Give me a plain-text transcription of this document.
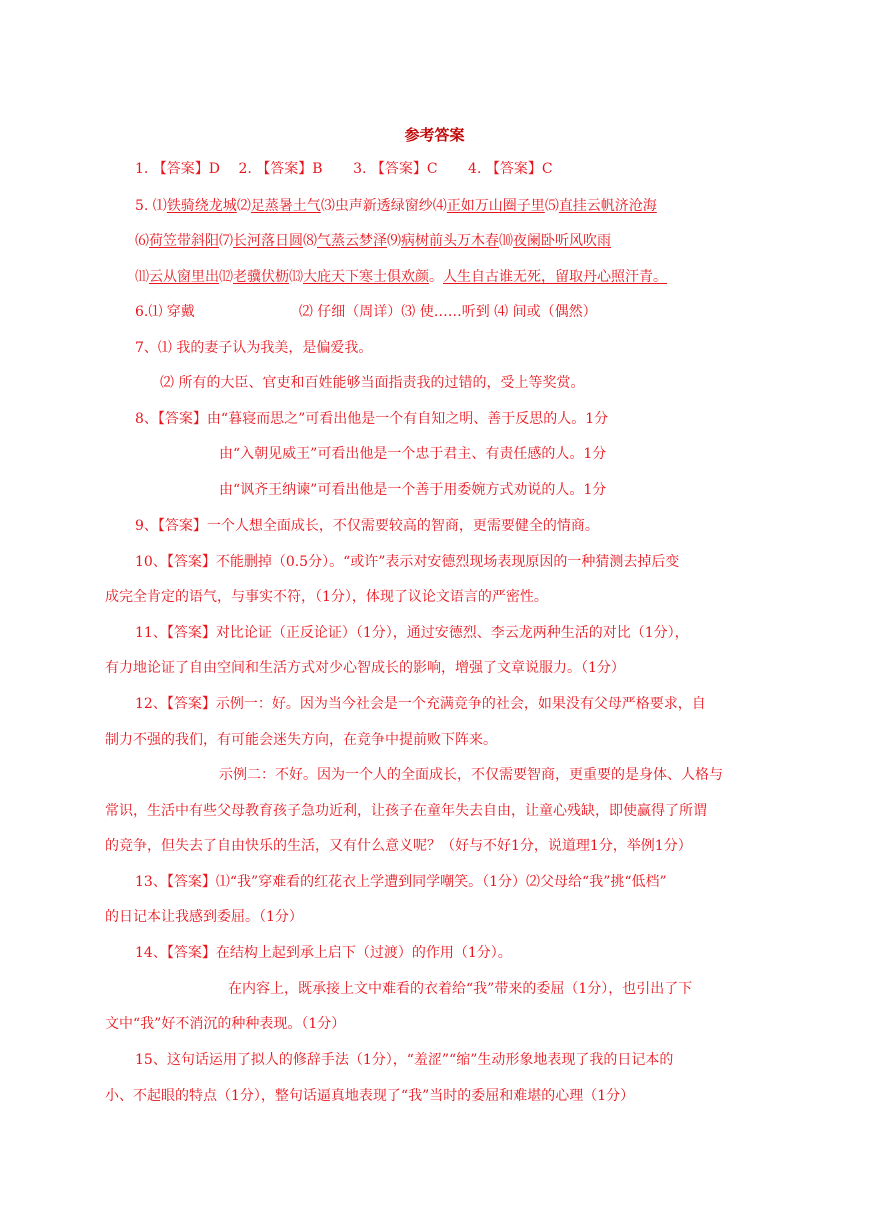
参考答案
1. 【答案】D 2. 【答案】B 3. 【答案】C 4. 【答案】C
5. ⑴铁骑绕龙城⑵足蒸暑土气⑶虫声新透绿窗纱⑷正如万山圈子里⑸直挂云帆济沧海
⑹荷笠带斜阳⑺长河落日圆⑻气蒸云梦泽⑼病树前头万木春⑽夜阑卧听风吹雨
⑾云从窗里出⑿老骥伏枥⒀大庇天下寒士俱欢颜。人生自古谁无死，留取丹心照汗青。
6.⑴ 穿戴	⑵ 仔细（周详）⑶ 使……听到 ⑷ 间或（偶然）
7、⑴ 我的妻子认为我美，是偏爱我。
⑵ 所有的大臣、官吏和百姓能够当面指责我的过错的，受上等奖赏。
8、【答案】由“暮寝而思之”可看出他是一个有自知之明、善于反思的人。1分
由“入朝见威王”可看出他是一个忠于君主、有责任感的人。1分
由“讽齐王纳谏”可看出他是一个善于用委婉方式劝说的人。1分
9、【答案】一个人想全面成长，不仅需要较高的智商，更需要健全的情商。
10、【答案】不能删掉（0.5分）。“或许”表示对安德烈现场表现原因的一种猜测去掉后变
成完全肯定的语气，与事实不符，（1分），体现了议论文语言的严密性。
11、【答案】对比论证（正反论证）（1分），通过安德烈、李云龙两种生活的对比（1分），
有力地论证了自由空间和生活方式对少心智成长的影响，增强了文章说服力。（1分）
12、【答案】示例一：好。因为当今社会是一个充满竞争的社会，如果没有父母严格要求，自
制力不强的我们，有可能会迷失方向，在竞争中提前败下阵来。
示例二：不好。因为一个人的全面成长，不仅需要智商，更重要的是身体、人格与
常识，生活中有些父母教育孩子急功近利，让孩子在童年失去自由，让童心残缺，即使赢得了所谓
的竞争，但失去了自由快乐的生活，又有什么意义呢？（好与不好1分，说道理1分，举例1分）
13、【答案】⑴“我”穿难看的红花衣上学遭到同学嘲笑。（1分）⑵父母给“我”挑“低档”
的日记本让我感到委屈。（1分）
14、【答案】在结构上起到承上启下（过渡）的作用（1分）。
在内容上，既承接上文中难看的衣着给“我”带来的委屈（1分），也引出了下
文中“我”好不消沉的种种表现。（1分）
15、这句话运用了拟人的修辞手法（1分），“羞涩”“缩”生动形象地表现了我的日记本的
小、不起眼的特点（1分），整句话逼真地表现了“我”当时的委屈和难堪的心理（1分）
